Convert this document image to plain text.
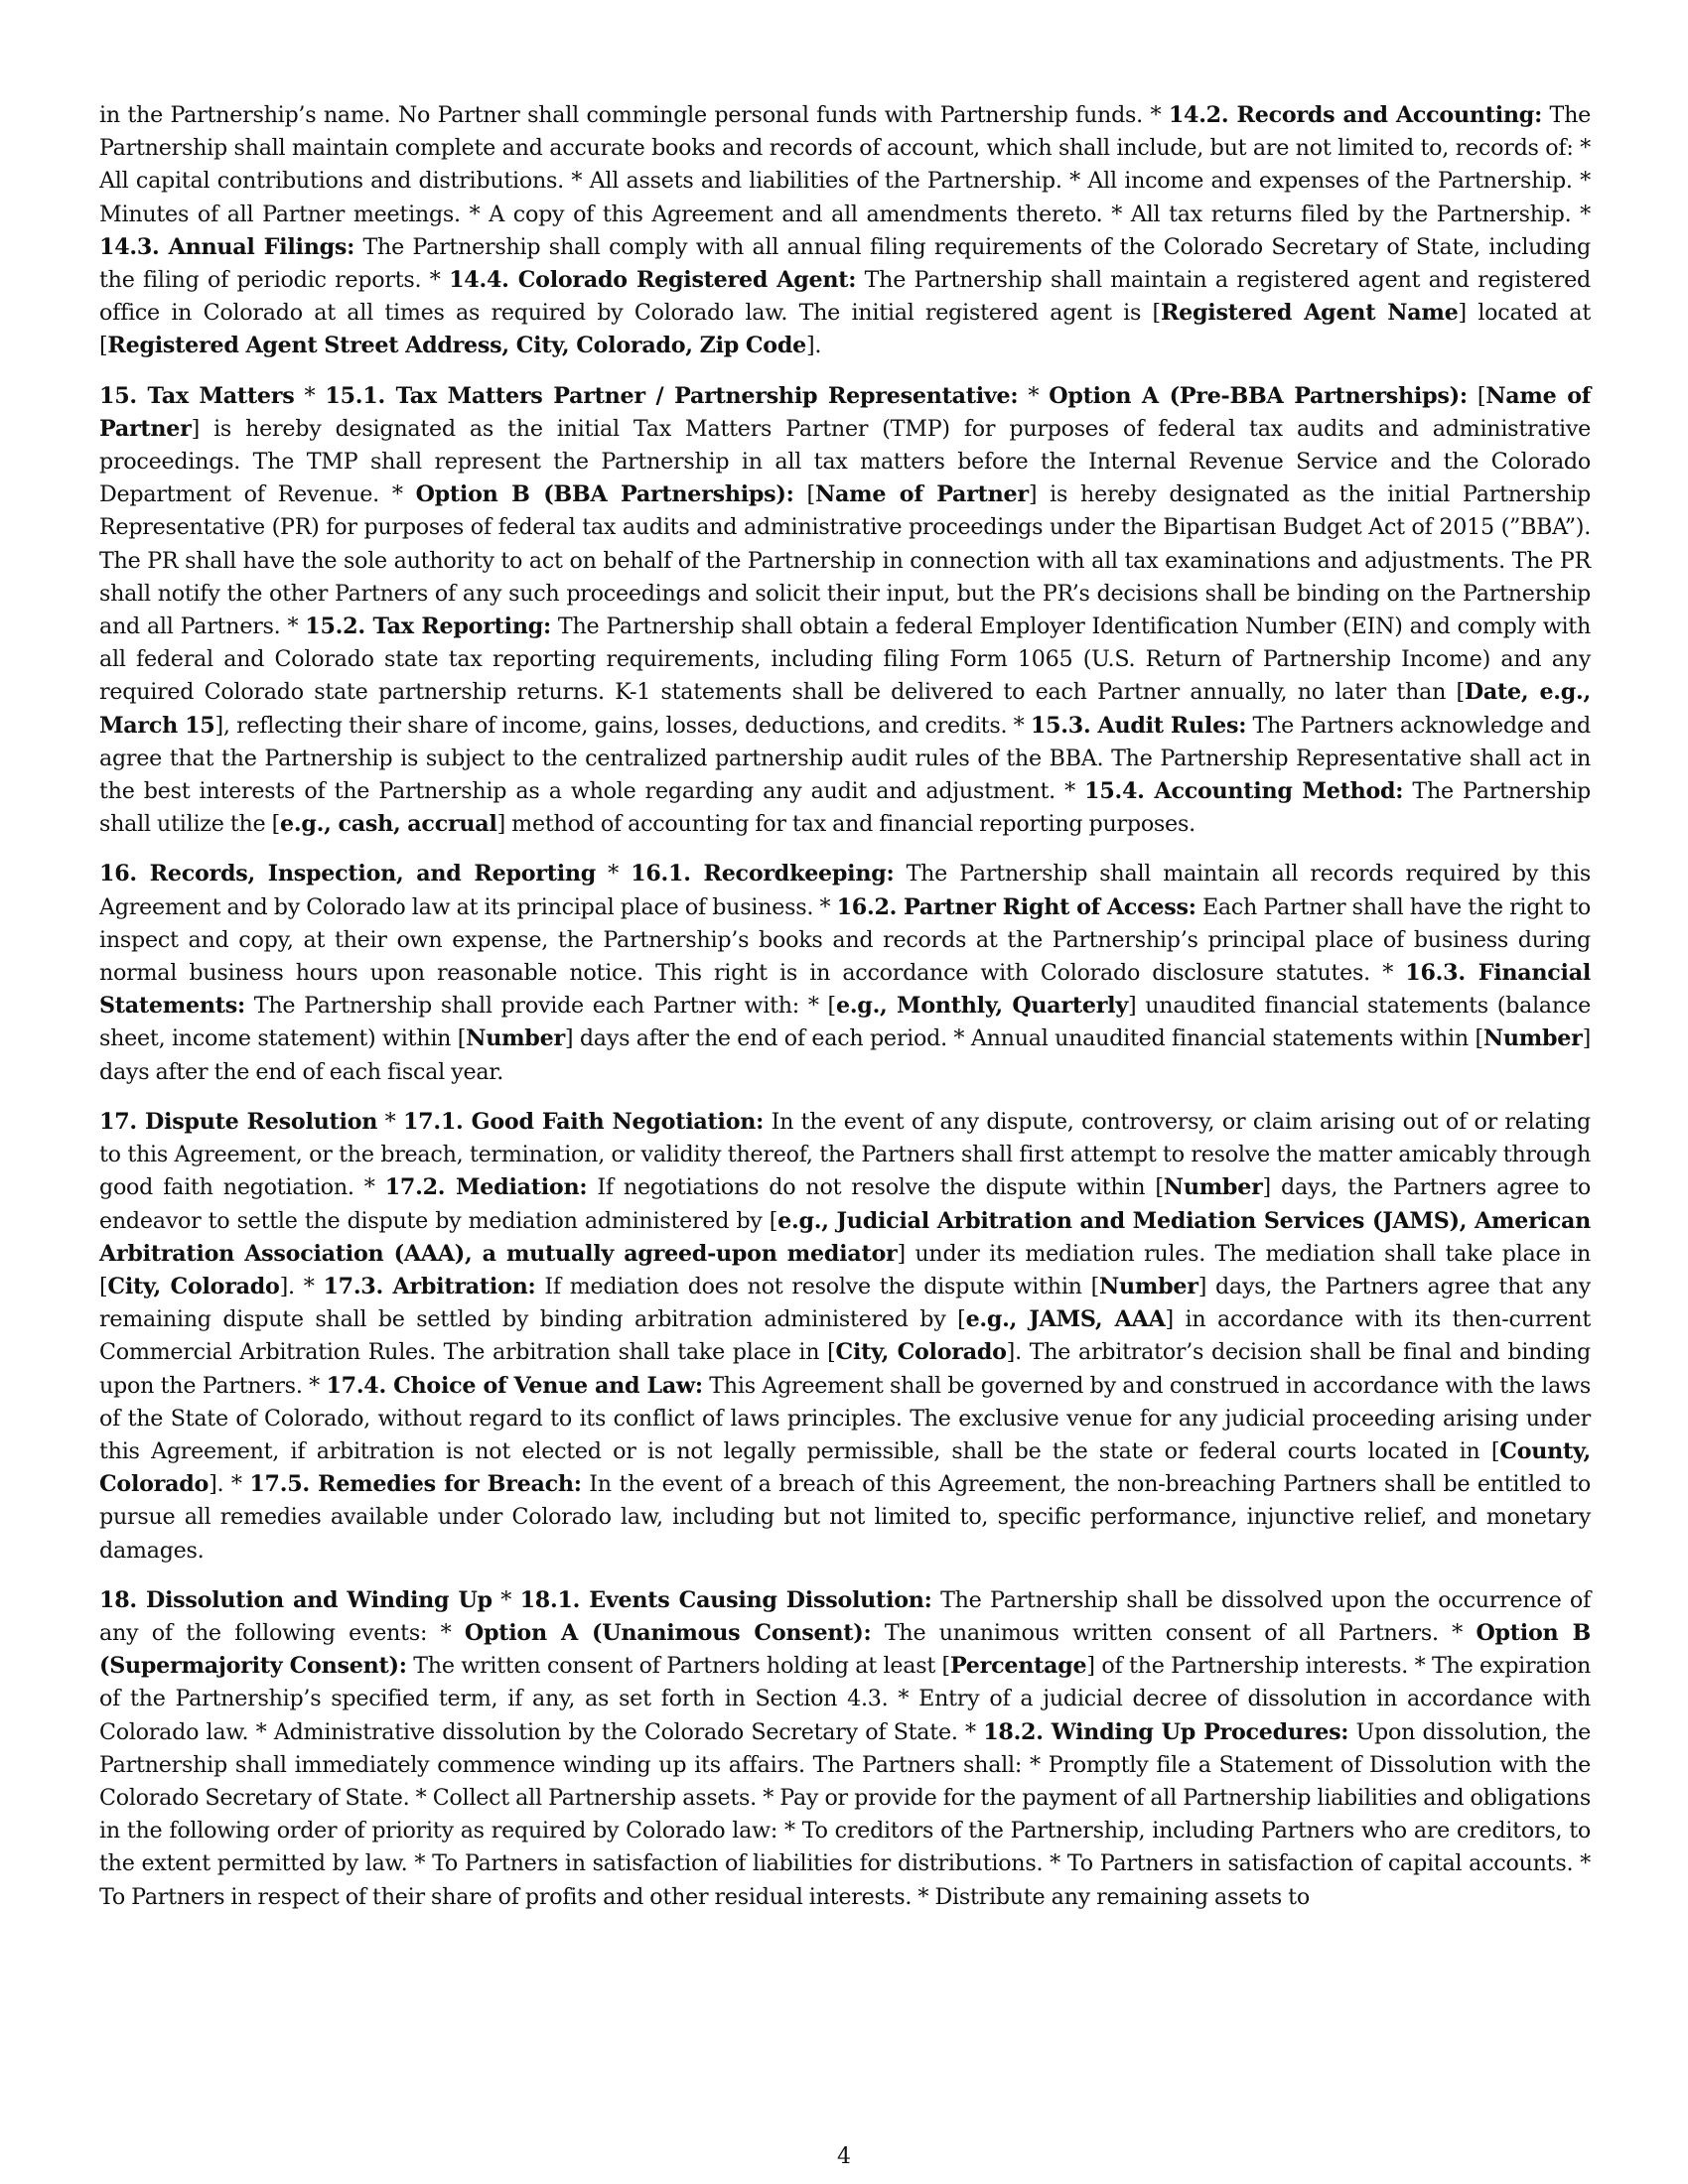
in the Partnership’s name. No Partner shall commingle personal funds with Partnership funds. * 14.2. Records and Accounting: The Partnership shall maintain complete and accurate books and records of account, which shall include, but are not limited to, records of: * All capital contributions and distributions. * All assets and liabilities of the Partnership. * All income and expenses of the Partnership. * Minutes of all Partner meetings. * A copy of this Agreement and all amendments thereto. * All tax returns filed by the Partnership. * 14.3. Annual Filings: The Partnership shall comply with all annual filing requirements of the Colorado Secretary of State, including the filing of periodic reports. * 14.4. Colorado Registered Agent: The Partnership shall maintain a registered agent and registered office in Colorado at all times as required by Colorado law. The initial registered agent is [Registered Agent Name] located at [Registered Agent Street Address, City, Colorado, Zip Code].

15. Tax Matters * 15.1. Tax Matters Partner / Partnership Representative: * Option A (Pre-BBA Partnerships): [Name of Partner] is hereby designated as the initial Tax Matters Partner (TMP) for purposes of federal tax audits and administrative proceedings. The TMP shall represent the Partnership in all tax matters before the Internal Revenue Service and the Colorado Department of Revenue. * Option B (BBA Partnerships): [Name of Partner] is hereby designated as the initial Partnership Representative (PR) for purposes of federal tax audits and administrative proceedings under the Bipartisan Budget Act of 2015 (”BBA”). The PR shall have the sole authority to act on behalf of the Partnership in connection with all tax examinations and adjustments. The PR shall notify the other Partners of any such proceedings and solicit their input, but the PR’s decisions shall be binding on the Partnership and all Partners. * 15.2. Tax Reporting: The Partnership shall obtain a federal Employer Identification Number (EIN) and comply with all federal and Colorado state tax reporting requirements, including filing Form 1065 (U.S. Return of Partnership Income) and any required Colorado state partnership returns. K-1 statements shall be delivered to each Partner annually, no later than [Date, e.g., March 15], reflecting their share of income, gains, losses, deductions, and credits. * 15.3. Audit Rules: The Partners acknowledge and agree that the Partnership is subject to the centralized partnership audit rules of the BBA. The Partnership Representative shall act in the best interests of the Partnership as a whole regarding any audit and adjustment. * 15.4. Accounting Method: The Partnership shall utilize the [e.g., cash, accrual] method of accounting for tax and financial reporting purposes.

16. Records, Inspection, and Reporting * 16.1. Recordkeeping: The Partnership shall maintain all records required by this Agreement and by Colorado law at its principal place of business. * 16.2. Partner Right of Access: Each Partner shall have the right to inspect and copy, at their own expense, the Partnership’s books and records at the Partnership’s principal place of business during normal business hours upon reasonable notice. This right is in accordance with Colorado disclosure statutes. * 16.3. Financial Statements: The Partnership shall provide each Partner with: * [e.g., Monthly, Quarterly] unaudited financial statements (balance sheet, income statement) within [Number] days after the end of each period. * Annual unaudited financial statements within [Number] days after the end of each fiscal year.

17. Dispute Resolution * 17.1. Good Faith Negotiation: In the event of any dispute, controversy, or claim arising out of or relating to this Agreement, or the breach, termination, or validity thereof, the Partners shall first attempt to resolve the matter amicably through good faith negotiation. * 17.2. Mediation: If negotiations do not resolve the dispute within [Number] days, the Partners agree to endeavor to settle the dispute by mediation administered by [e.g., Judicial Arbitration and Mediation Services (JAMS), American Arbitration Association (AAA), a mutually agreed-upon mediator] under its mediation rules. The mediation shall take place in [City, Colorado]. * 17.3. Arbitration: If mediation does not resolve the dispute within [Number] days, the Partners agree that any remaining dispute shall be settled by binding arbitration administered by [e.g., JAMS, AAA] in accordance with its then-current Commercial Arbitration Rules. The arbitration shall take place in [City, Colorado]. The arbitrator’s decision shall be final and binding upon the Partners. * 17.4. Choice of Venue and Law: This Agreement shall be governed by and construed in accordance with the laws of the State of Colorado, without regard to its conflict of laws principles. The exclusive venue for any judicial proceeding arising under this Agreement, if arbitration is not elected or is not legally permissible, shall be the state or federal courts located in [County, Colorado]. * 17.5. Remedies for Breach: In the event of a breach of this Agreement, the non-breaching Partners shall be entitled to pursue all remedies available under Colorado law, including but not limited to, specific performance, injunctive relief, and monetary damages.

18. Dissolution and Winding Up * 18.1. Events Causing Dissolution: The Partnership shall be dissolved upon the occurrence of any of the following events: * Option A (Unanimous Consent): The unanimous written consent of all Partners. * Option B (Supermajority Consent): The written consent of Partners holding at least [Percentage] of the Partnership interests. * The expiration of the Partnership’s specified term, if any, as set forth in Section 4.3. * Entry of a judicial decree of dissolution in accordance with Colorado law. * Administrative dissolution by the Colorado Secretary of State. * 18.2. Winding Up Procedures: Upon dissolution, the Partnership shall immediately commence winding up its affairs. The Partners shall: * Promptly file a Statement of Dissolution with the Colorado Secretary of State. * Collect all Partnership assets. * Pay or provide for the payment of all Partnership liabilities and obligations in the following order of priority as required by Colorado law: * To creditors of the Partnership, including Partners who are creditors, to the extent permitted by law. * To Partners in satisfaction of liabilities for distributions. * To Partners in satisfaction of capital accounts. * To Partners in respect of their share of profits and other residual interests. * Distribute any remaining assets to

4
